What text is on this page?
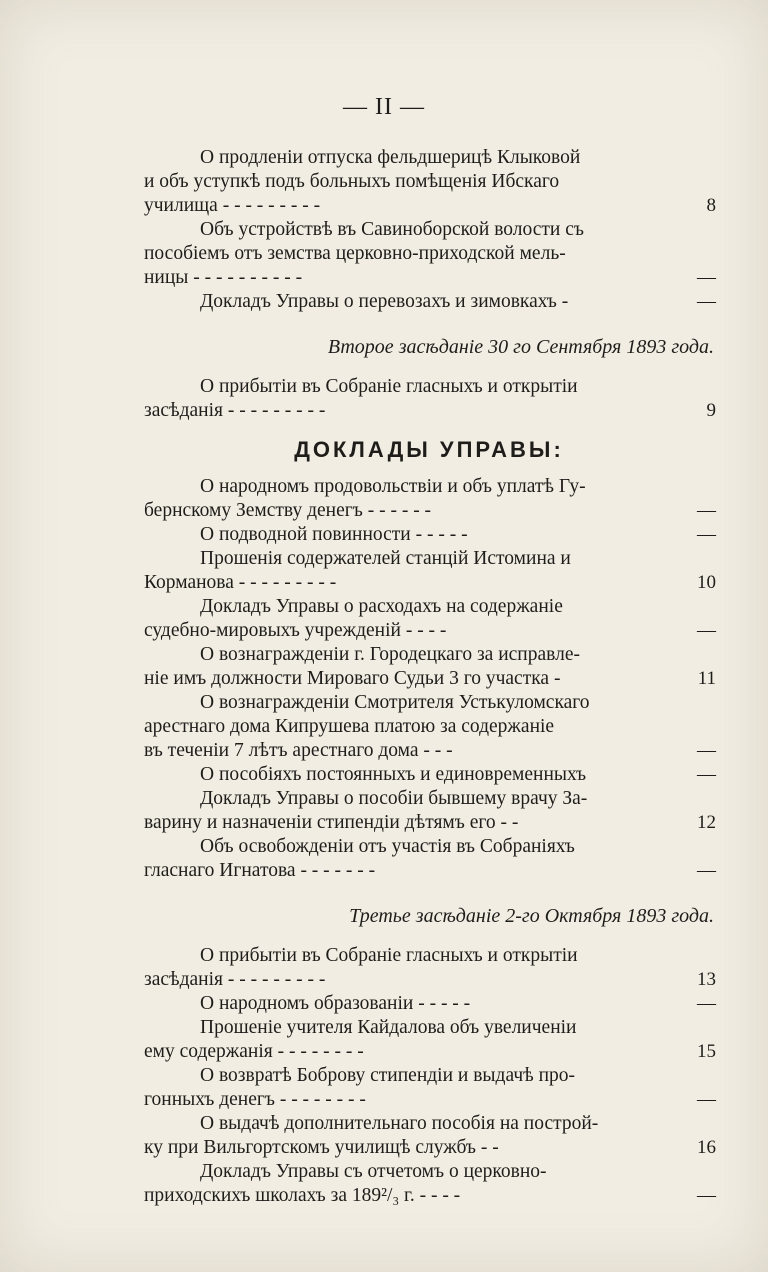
— II —
О продленіи отпуска фельдшерицѣ Клыковой
и объ уступкѣ подъ больныхъ помѣщенія Ибскаго
училища - - - - - - - - -	8
Объ устройствѣ въ Савиноборской волости съ
пособіемъ отъ земства церковно-приходской мель-
ницы - - - - - - - - - -	—
Докладъ Управы о перевозахъ и зимовкахъ -	—
Второе засѣданіе 30 го Сентября 1893 года.
О прибытіи въ Собраніе гласныхъ и открытіи
засѣданія - - - - - - - - -	9
ДОКЛАДЫ УПРАВЫ:
О народномъ продовольствіи и объ уплатѣ Гу-
бернскому Земству денегъ - - - - - -	—
О подводной повинности - - - - -	—
Прошенія содержателей станцій Истомина и
Корманова - - - - - - - - -	10
Докладъ Управы о расходахъ на содержаніе
судебно-мировыхъ учрежденій - - - -	—
О вознагражденіи г. Городецкаго за исправле-
ніе имъ должности Мироваго Судьи 3 го участка -	11
О вознагражденіи Смотрителя Устькуломскаго
арестнаго дома Кипрушева платою за содержаніе
въ теченіи 7 лѣтъ арестнаго дома - - -	—
О пособіяхъ постоянныхъ и единовременныхъ	—
Докладъ Управы о пособіи бывшему врачу За-
варину и назначеніи стипендіи дѣтямъ его - -	12
Объ освобожденіи отъ участія въ Собраніяхъ
гласнаго Игнатова - - - - - - -	—
Третье засѣданіе 2-го Октября 1893 года.
О прибытіи въ Собраніе гласныхъ и открытіи
засѣданія - - - - - - - - -	13
О народномъ образованіи - - - - -	—
Прошеніе учителя Кайдалова объ увеличеніи
ему содержанія - - - - - - - -	15
О возвратѣ Боброву стипендіи и выдачѣ про-
гонныхъ денегъ - - - - - - - -	—
О выдачѣ дополнительнаго пособія на построй-
ку при Вильгортскомъ училищѣ службъ - -	16
Докладъ Управы съ отчетомъ о церковно-
приходскихъ школахъ за 189²/₃ г. - - - -	—
